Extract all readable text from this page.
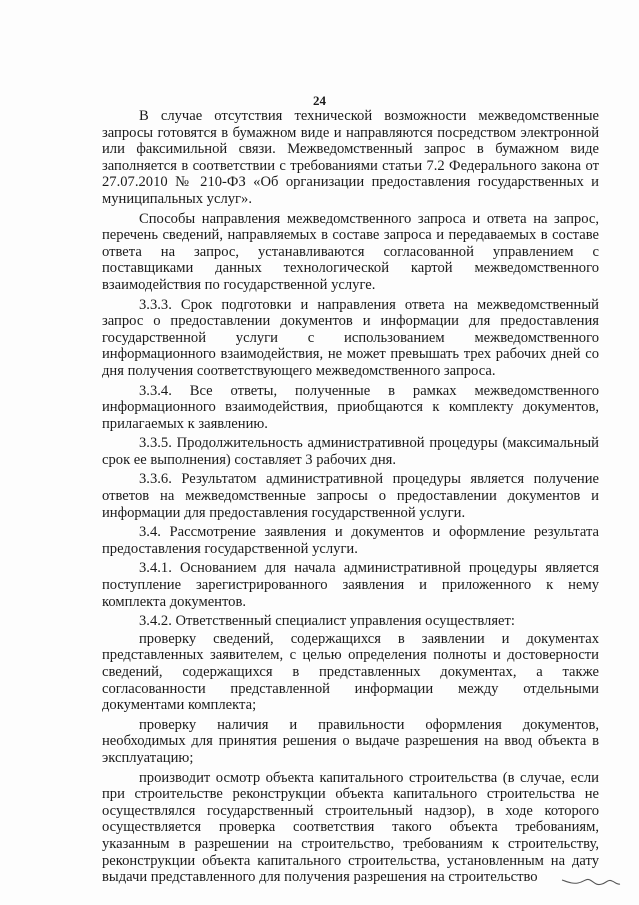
24

В случае отсутствия технической возможности межведомственные запросы готовятся в бумажном виде и направляются посредством электронной или факсимильной связи. Межведомственный запрос в бумажном виде заполняется в соответствии с требованиями статьи 7.2 Федерального закона от 27.07.2010 № 210-ФЗ «Об организации предоставления государственных и муниципальных услуг».

Способы направления межведомственного запроса и ответа на запрос, перечень сведений, направляемых в составе запроса и передаваемых в составе ответа на запрос, устанавливаются согласованной управлением с поставщиками данных технологической картой межведомственного взаимодействия по государственной услуге.

3.3.3. Срок подготовки и направления ответа на межведомственный запрос о предоставлении документов и информации для предоставления государственной услуги с использованием межведомственного информационного взаимодействия, не может превышать трех рабочих дней со дня получения соответствующего межведомственного запроса.

3.3.4. Все ответы, полученные в рамках межведомственного информационного взаимодействия, приобщаются к комплекту документов, прилагаемых к заявлению.

3.3.5. Продолжительность административной процедуры (максимальный срок ее выполнения) составляет 3 рабочих дня.

3.3.6. Результатом административной процедуры является получение ответов на межведомственные запросы о предоставлении документов и информации для предоставления государственной услуги.

3.4. Рассмотрение заявления и документов и оформление результата предоставления государственной услуги.

3.4.1. Основанием для начала административной процедуры является поступление зарегистрированного заявления и приложенного к нему комплекта документов.

3.4.2. Ответственный специалист управления осуществляет:

проверку сведений, содержащихся в заявлении и документах представленных заявителем, с целью определения полноты и достоверности сведений, содержащихся в представленных документах, а также согласованности представленной информации между отдельными документами комплекта;

проверку наличия и правильности оформления документов, необходимых для принятия решения о выдаче разрешения на ввод объекта в эксплуатацию;

производит осмотр объекта капитального строительства (в случае, если при строительстве реконструкции объекта капитального строительства не осуществлялся государственный строительный надзор), в ходе которого осуществляется проверка соответствия такого объекта требованиям, указанным в разрешении на строительство, требованиям к строительству, реконструкции объекта капитального строительства, установленным на дату выдачи представленного для получения разрешения на строительство
